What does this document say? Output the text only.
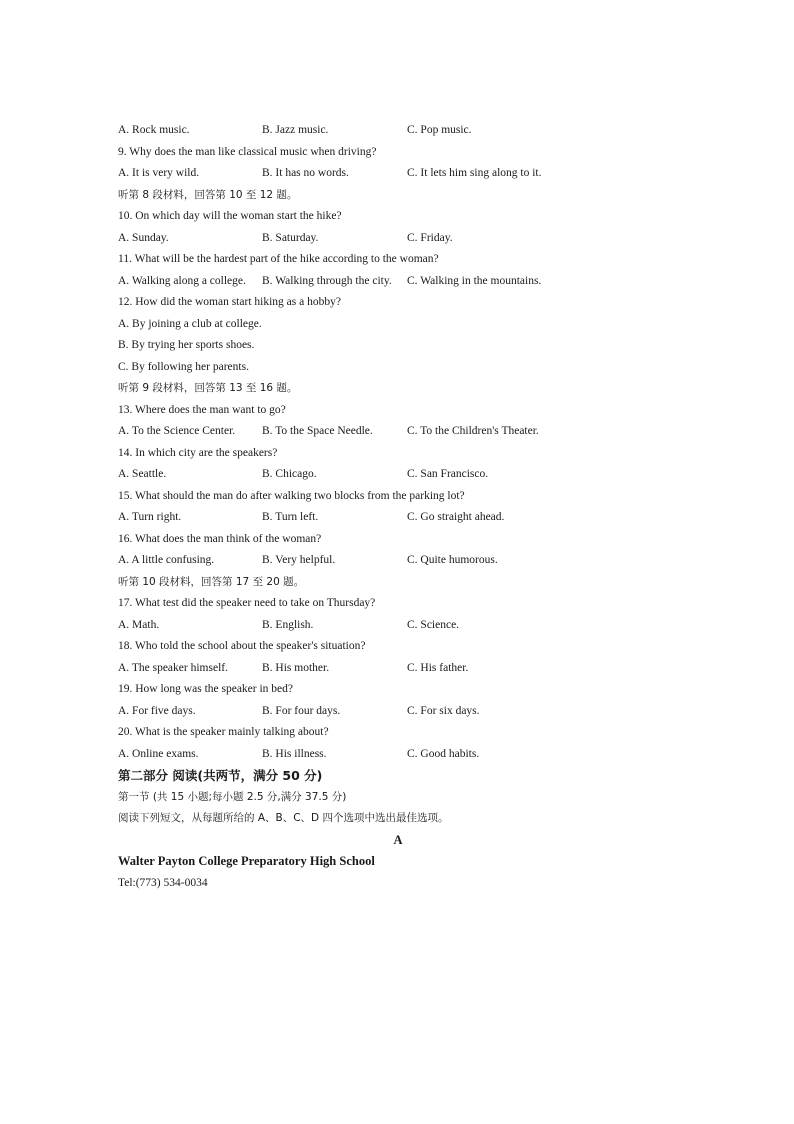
A. Rock music.	B. Jazz music.	C. Pop music.
9. Why does the man like classical music when driving?
A. It is very wild.	B. It has no words.	C. It lets him sing along to it.
听第 8 段材料，回答第 10 至 12 题。
10. On which day will the woman start the hike?
A. Sunday.	B. Saturday.	C. Friday.
11. What will be the hardest part of the hike according to the woman?
A. Walking along a college. B. Walking through the city. C. Walking in the mountains.
12. How did the woman start hiking as a hobby?
A. By joining a club at college.
B. By trying her sports shoes.
C. By following her parents.
听第 9 段材料，回答第 13 至 16 题。
13. Where does the man want to go?
A. To the Science Center. B. To the Space Needle.	C. To the Children's Theater.
14. In which city are the speakers?
A. Seattle.	B. Chicago.	C. San Francisco.
15. What should the man do after walking two blocks from the parking lot?
A. Turn right.	B. Turn left.	C. Go straight ahead.
16. What does the man think of the woman?
A. A little confusing.	B. Very helpful.	C. Quite humorous.
听第 10 段材料，回答第 17 至 20 题。
17. What test did the speaker need to take on Thursday?
A. Math.	B. English.	C. Science.
18. Who told the school about the speaker's situation?
A. The speaker himself.	B. His mother.	C. His father.
19. How long was the speaker in bed?
A. For five days.	B. For four days.	C. For six days.
20. What is the speaker mainly talking about?
A. Online exams.	B. His illness.	C. Good habits.
第二部分 阅读(共两节，满分 50 分)
第一节 (共 15 小题;每小题 2.5 分,满分 37.5 分)
阅读下列短文，从每题所给的 A、B、C、D 四个选项中选出最佳选项。
A
Walter Payton College Preparatory High School
Tel:(773) 534-0034
